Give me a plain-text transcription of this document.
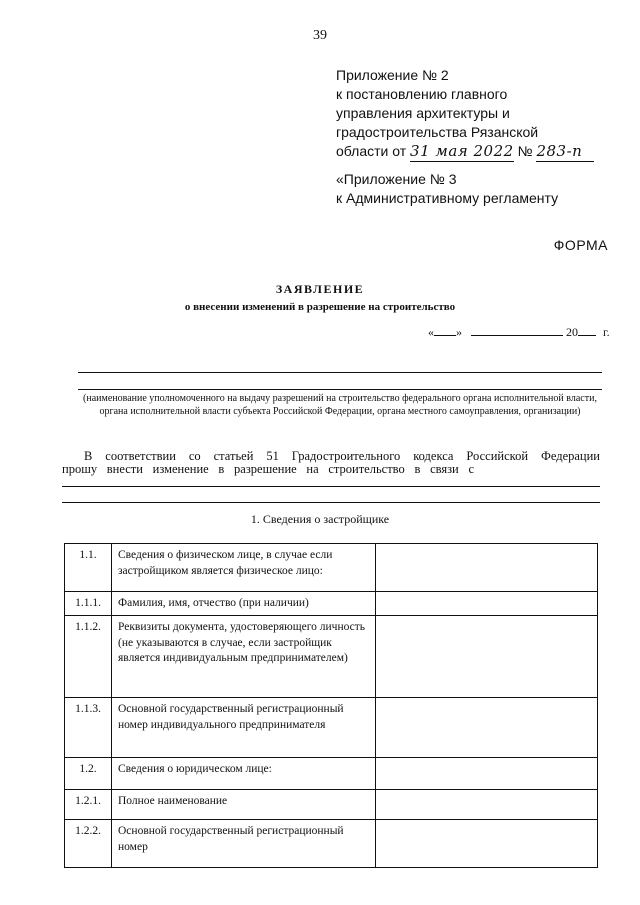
39
Приложение № 2
к постановлению главного
управления архитектуры и
градостроительства Рязанской
области от 31 мая 2022 № 283-п
«Приложение № 3
к Административному регламенту
ФОРМА
ЗАЯВЛЕНИЕ
о внесении изменений в разрешение на строительство
« »	20 г.
(наименование уполномоченного на выдачу разрешений на строительство федерального органа исполнительной власти, органа исполнительной власти субъекта Российской Федерации, органа местного самоуправления, организации)
В соответствии со статьей 51 Градостроительного кодекса Российской Федерации
прошу внести изменение в разрешение на строительство в связи с
1. Сведения о застройщике
1.1.	Сведения о физическом лице, в случае если застройщиком является физическое лицо:	
1.1.1.	Фамилия, имя, отчество (при наличии)	
1.1.2.	Реквизиты документа, удостоверяющего личность (не указываются в случае, если застройщик является индивидуальным предпринимателем)	
1.1.3.	Основной государственный регистрационный номер индивидуального предпринимателя	
1.2.	Сведения о юридическом лице:	
1.2.1.	Полное наименование	
1.2.2.	Основной государственный регистрационный номер	
